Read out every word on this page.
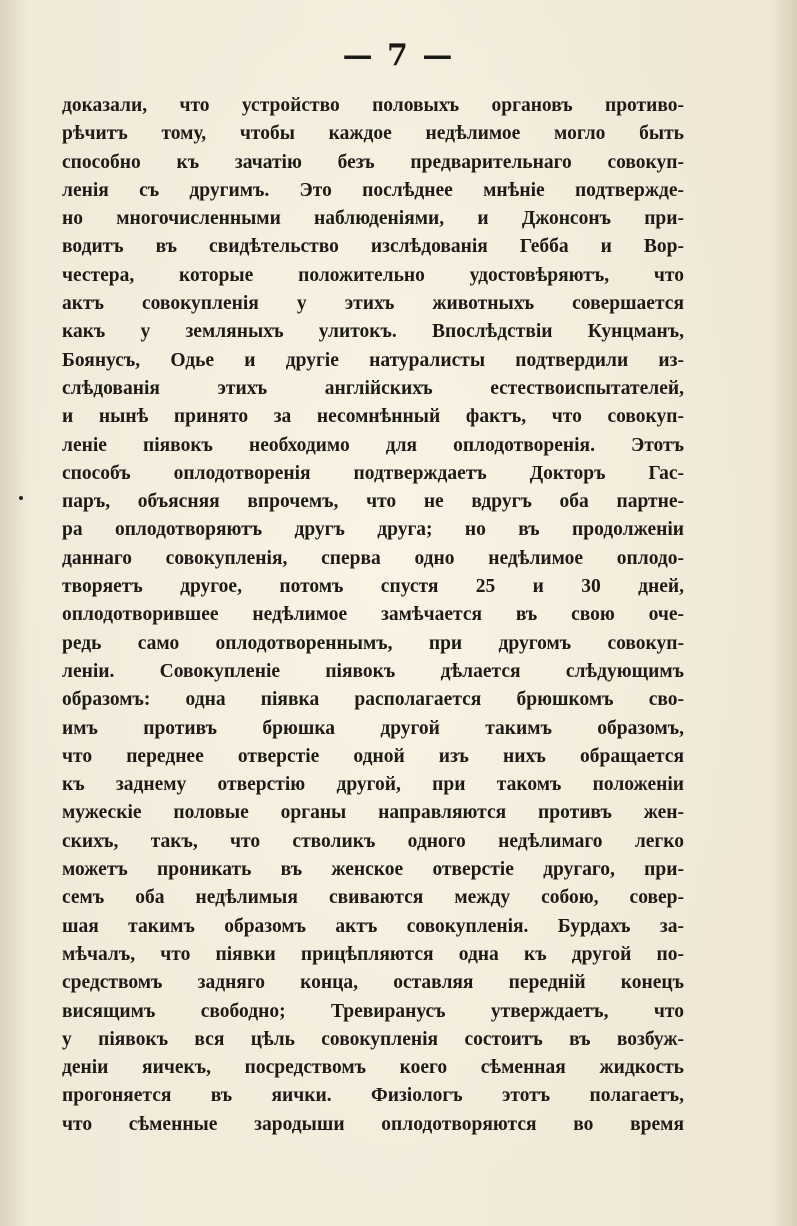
— 7 —
доказали, что устройство половыхъ органовъ противо-
рѣчитъ тому, чтобы каждое недѣлимое могло быть
способно къ зачатію безъ предварительнаго совокуп-
ленія съ другимъ. Это послѣднее мнѣніе подтвержде-
но многочисленными наблюденіями, и Джонсонъ при-
водитъ въ свидѣтельство изслѣдованія Гебба и Вор-
честера, которые положительно удостовѣряютъ, что
актъ совокупленія у этихъ животныхъ совершается
какъ у земляныхъ улитокъ. Впослѣдствіи Кунцманъ,
Боянусъ, Одье и другіе натуралисты подтвердили из-
слѣдованія этихъ англійскихъ естествоиспытателей,
и нынѣ принято за несомнѣнный фактъ, что совокуп-
леніе піявокъ необходимо для оплодотворенія. Этотъ
способъ оплодотворенія подтверждаетъ Докторъ Гас-
паръ, объясняя впрочемъ, что не вдругъ оба партне-
ра оплодотворяютъ другъ друга; но въ продолженіи
даннаго совокупленія, сперва одно недѣлимое оплодо-
творяетъ другое, потомъ спустя 25 и 30 дней,
оплодотворившее недѣлимое замѣчается въ свою оче-
редь само оплодотвореннымъ, при другомъ совокуп-
леніи. Совокупленіе піявокъ дѣлается слѣдующимъ
образомъ: одна піявка располагается брюшкомъ сво-
имъ противъ брюшка другой такимъ образомъ,
что переднее отверстіе одной изъ нихъ обращается
къ заднему отверстію другой, при такомъ положеніи
мужескіе половые органы направляются противъ жен-
скихъ, такъ, что стволикъ одного недѣлимаго легко
можетъ проникать въ женское отверстіе другаго, при-
семъ оба недѣлимыя свиваются между собою, совер-
шая такимъ образомъ актъ совокупленія. Бурдахъ за-
мѣчалъ, что піявки прицѣпляются одна къ другой по-
средствомъ задняго конца, оставляя передній конецъ
висящимъ свободно; Тревиранусъ утверждаетъ, что
у піявокъ вся цѣль совокупленія состоитъ въ возбуж-
деніи яичекъ, посредствомъ коего сѣменная жидкость
прогоняется въ яички. Физіологъ этотъ полагаетъ,
что сѣменные зародыши оплодотворяются во время
